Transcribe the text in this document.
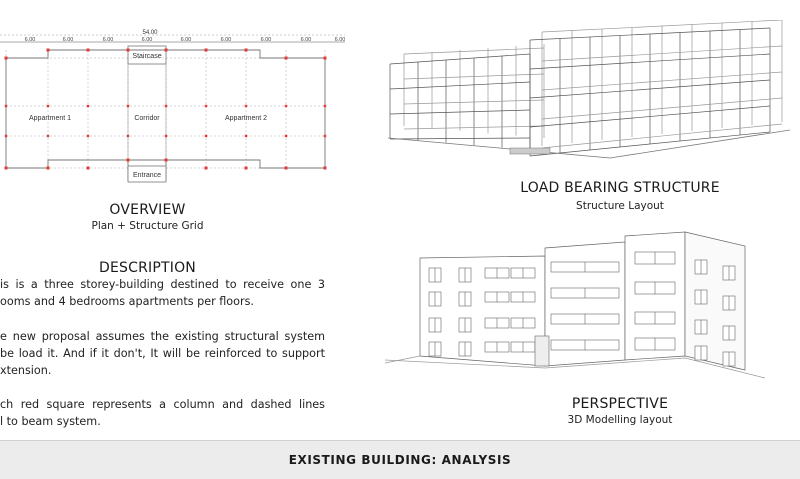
54.00
6.00	6.00	6.00	6.00	6.00	6.00	6.00	6.00	6.00
Staircase
Appartment 1	Corridor	Appartment 2
Entrance
OVERVIEW
Plan + Structure Grid
DESCRIPTION
LOAD BEARING STRUCTURE
Structure Layout
PERSPECTIVE
3D Modelling layout
EXISTING BUILDING: ANALYSIS
is is a three storey-building destined to receive one 3
ooms and 4 bedrooms apartments per floors.
e new proposal assumes the existing structural system
be load it. And if it don't, It will be reinforced to support
xtension.
ch red square represents a column and dashed lines
l to beam system.
